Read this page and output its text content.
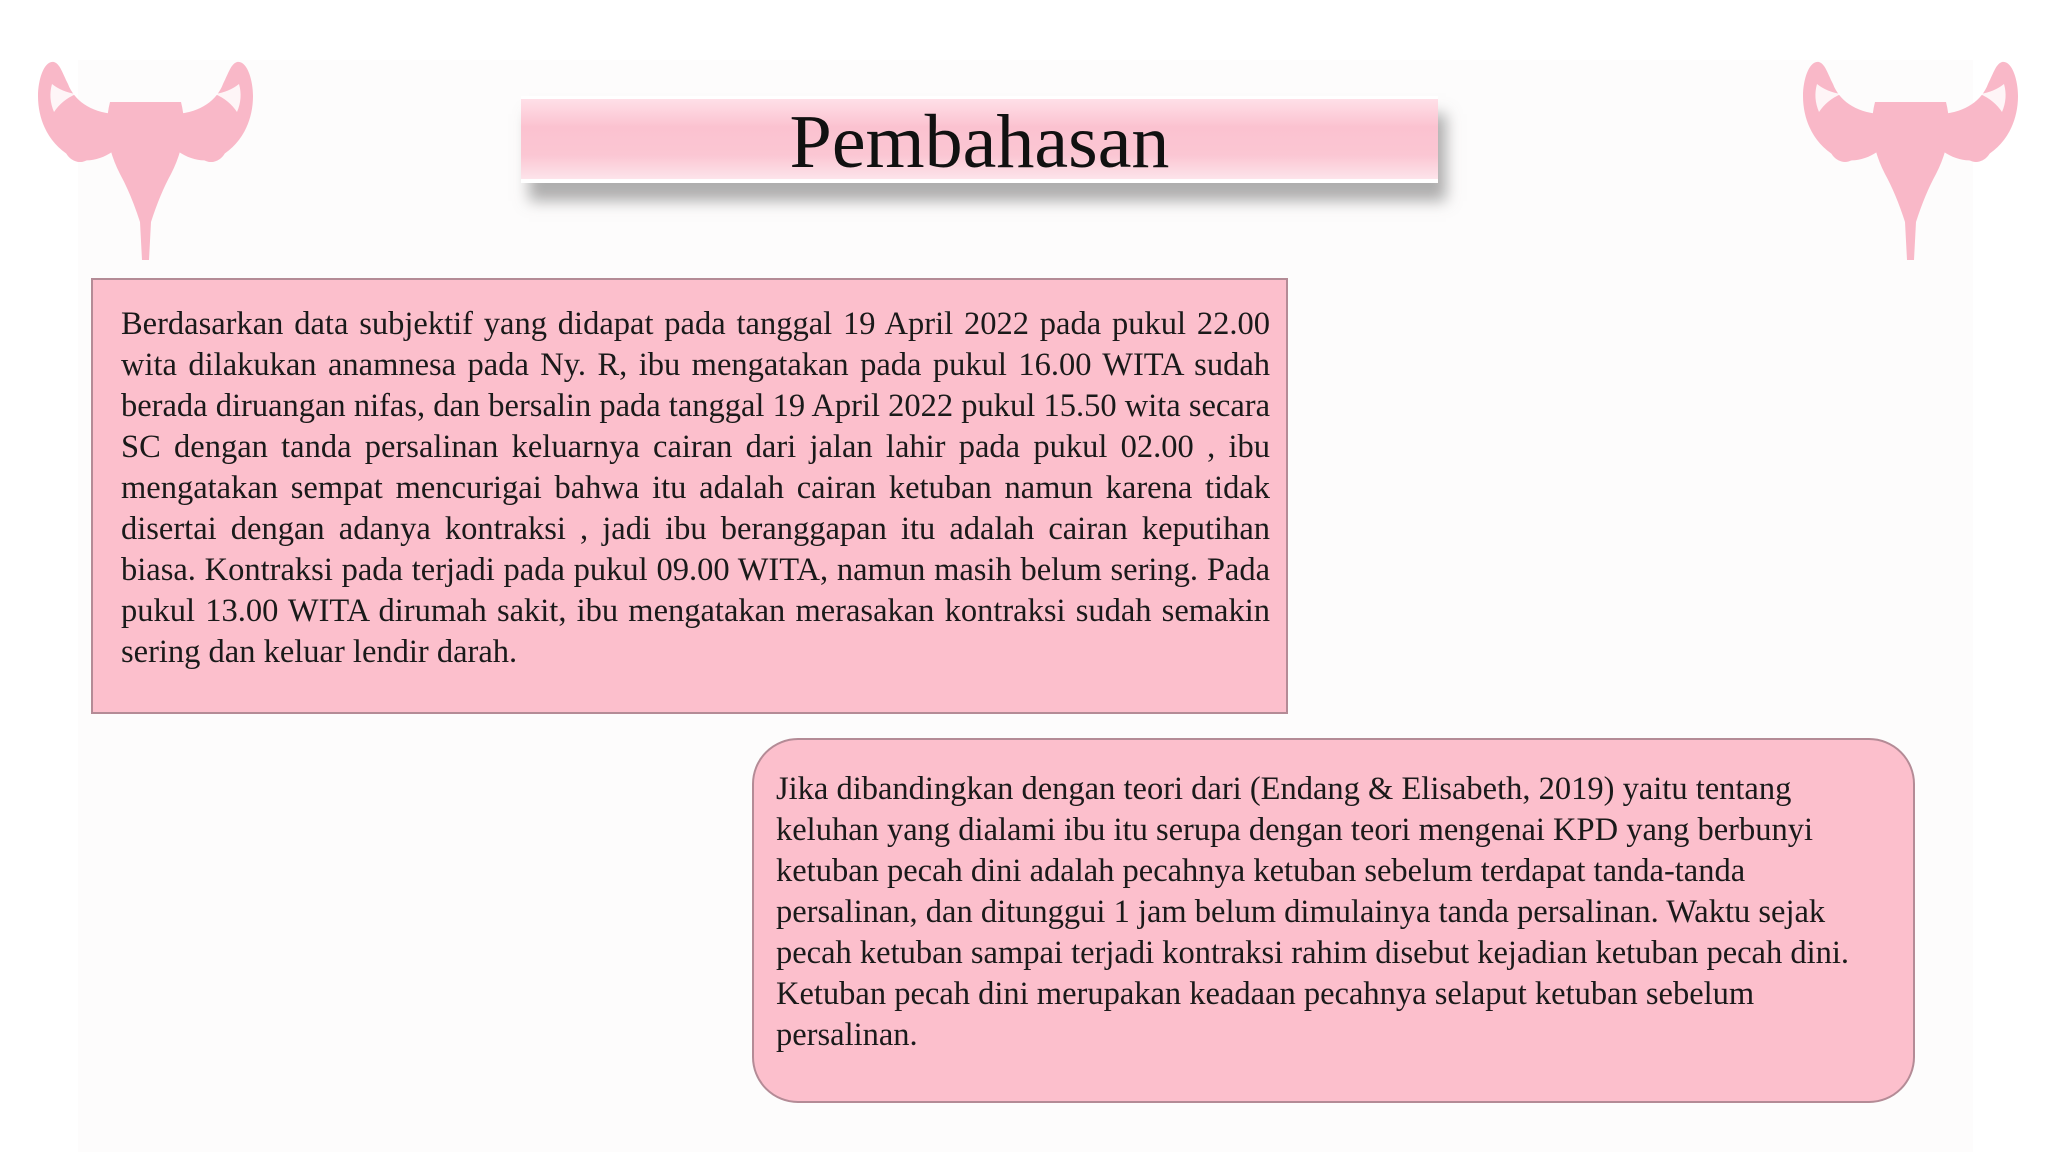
Pembahasan

Berdasarkan data subjektif yang didapat pada tanggal 19 April 2022 pada pukul 22.00 wita dilakukan anamnesa pada Ny. R, ibu mengatakan pada pukul 16.00 WITA sudah berada diruangan nifas, dan bersalin pada tanggal 19 April 2022 pukul 15.50 wita secara SC dengan tanda persalinan keluarnya cairan dari jalan lahir pada pukul 02.00 , ibu mengatakan sempat mencurigai bahwa itu adalah cairan ketuban namun karena tidak disertai dengan adanya kontraksi , jadi ibu beranggapan itu adalah cairan keputihan biasa. Kontraksi pada terjadi pada pukul 09.00 WITA, namun masih belum sering. Pada pukul 13.00 WITA dirumah sakit, ibu mengatakan merasakan kontraksi sudah semakin sering dan keluar lendir darah.

Jika dibandingkan dengan teori dari (Endang & Elisabeth, 2019) yaitu tentang keluhan yang dialami ibu itu serupa dengan teori mengenai KPD yang berbunyi ketuban pecah dini adalah pecahnya ketuban sebelum terdapat tanda-tanda persalinan, dan ditunggui 1 jam belum dimulainya tanda persalinan. Waktu sejak pecah ketuban sampai terjadi kontraksi rahim disebut kejadian ketuban pecah dini. Ketuban pecah dini merupakan keadaan pecahnya selaput ketuban sebelum persalinan.
